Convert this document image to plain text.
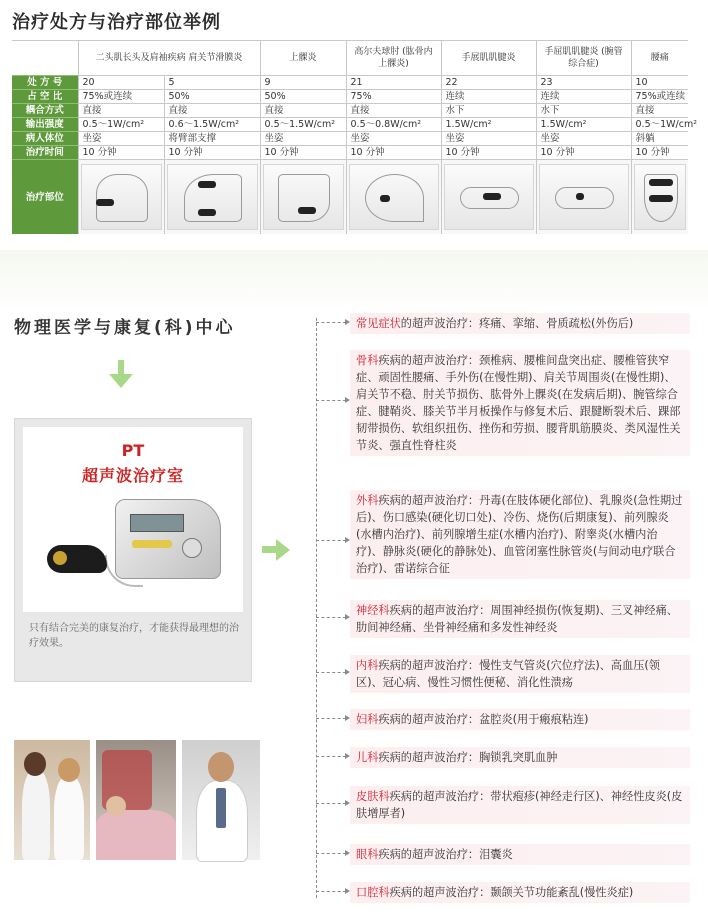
治疗处方与治疗部位举例
	二头肌长头及肩袖疾病 肩关节滑膜炎		上髁炎	高尔夫球肘 (肱骨内上髁炎)	手展肌肌腱炎	手屈肌肌腱炎 (腕管综合症)	腰痛
处 方 号	20	5	9	21	22	23	10
占 空 比	75%或连续	50%	50%	75%	连续	连续	75%或连续
耦合方式	直接	直接	直接	直接	水下	水下	直接
输出强度	0.5～1W/cm²	0.6～1.5W/cm²	0.5～1.5W/cm²	0.5～0.8W/cm²	1.5W/cm²	1.5W/cm²	0.5～1W/cm²
病人体位	坐姿	将臂部支撑	坐姿	坐姿	坐姿	坐姿	斜躺
治疗时间	10 分钟	10 分钟	10 分钟	10 分钟	10 分钟	10 分钟	10 分钟
治疗部位	

物理医学与康复(科)中心
PT
超声波治疗室
只有结合完美的康复治疗，才能获得最理想的治疗效果。
常见症状的超声波治疗：疼痛、挛缩、骨质疏松(外伤后)
骨科疾病的超声波治疗：颈椎病、腰椎间盘突出症、腰椎管狭窄症、顽固性腰痛、手外伤(在慢性期)、肩关节周围炎(在慢性期)、肩关节不稳、肘关节损伤、肱骨外上髁炎(在发病后期)、腕管综合症、腱鞘炎、膝关节半月板操作与修复术后、跟腱断裂术后、踝部韧带损伤、软组织扭伤、挫伤和劳损、腰背肌筋膜炎、类风湿性关节炎、强直性脊柱炎
外科疾病的超声波治疗：丹毒(在肢体硬化部位)、乳腺炎(急性期过后)、伤口感染(硬化切口处)、冷伤、烧伤(后期康复)、前列腺炎(水槽内治疗)、前列腺增生症(水槽内治疗)、附睾炎(水槽内治疗)、静脉炎(硬化的静脉处)、血管闭塞性脉管炎(与间动电疗联合治疗)、雷诺综合征
神经科疾病的超声波治疗：周围神经损伤(恢复期)、三叉神经痛、肋间神经痛、坐骨神经痛和多发性神经炎
内科疾病的超声波治疗：慢性支气管炎(穴位疗法)、高血压(领区)、冠心病、慢性习惯性便秘、消化性溃疡
妇科疾病的超声波治疗：盆腔炎(用于瘢痕粘连)
儿科疾病的超声波治疗：胸锁乳突肌血肿
皮肤科疾病的超声波治疗：带状疱疹(神经走行区)、神经性皮炎(皮肤增厚者)
眼科疾病的超声波治疗：泪囊炎
口腔科疾病的超声波治疗：颞颌关节功能紊乱(慢性炎症)
